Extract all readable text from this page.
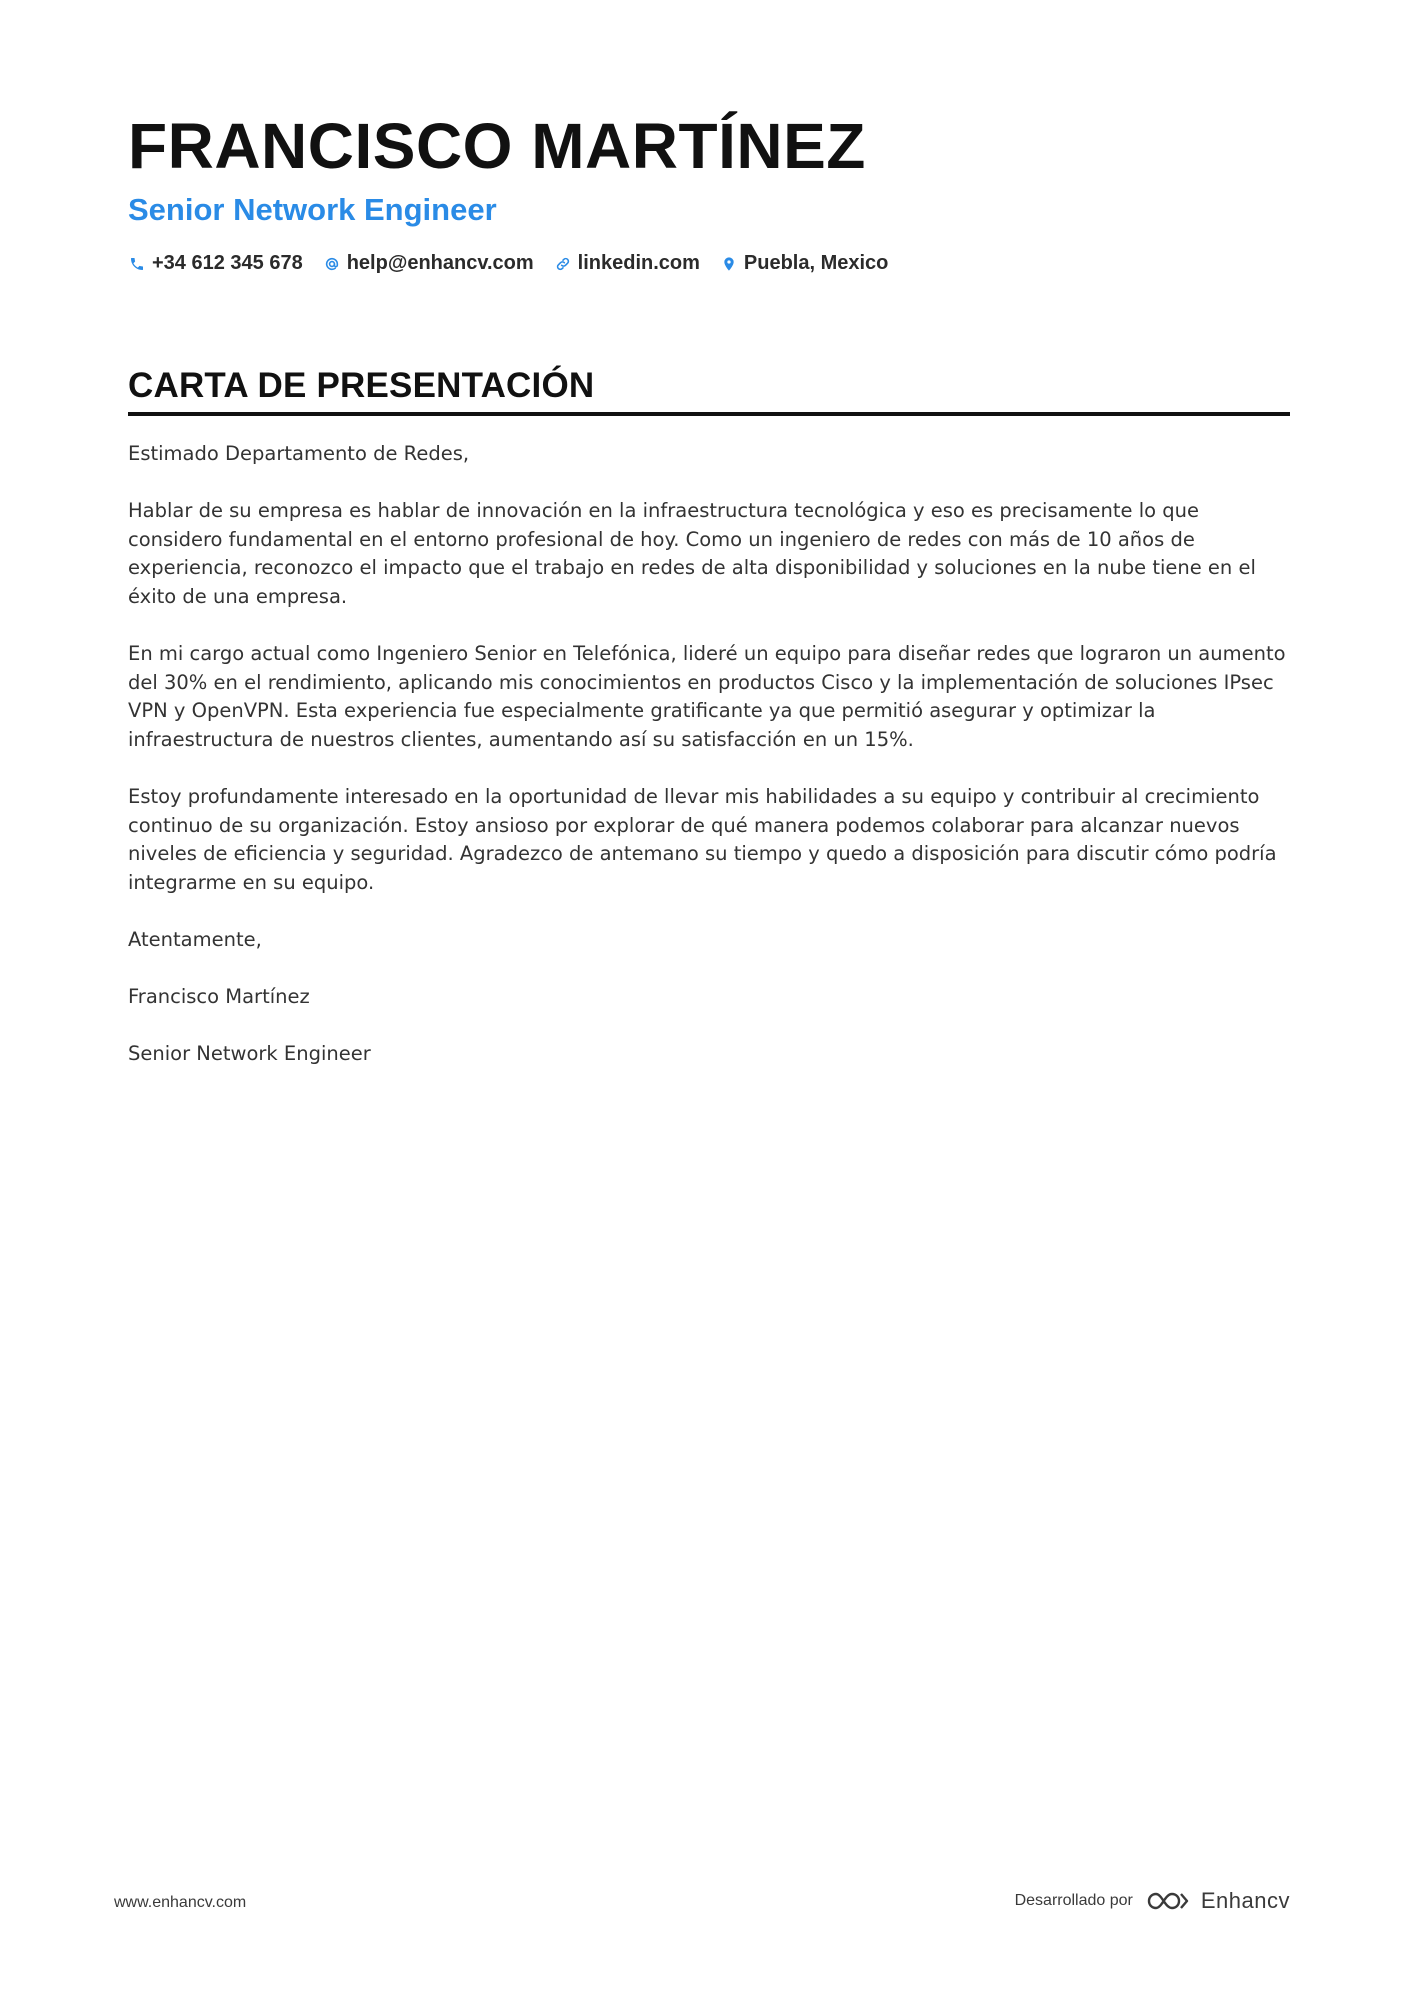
FRANCISCO MARTÍNEZ
Senior Network Engineer
+34 612 345 678 help@enhancv.com linkedin.com Puebla, Mexico
CARTA DE PRESENTACIÓN

Estimado Departamento de Redes,

Hablar de su empresa es hablar de innovación en la infraestructura tecnológica y eso es precisamente lo que considero fundamental en el entorno profesional de hoy. Como un ingeniero de redes con más de 10 años de experiencia, reconozco el impacto que el trabajo en redes de alta disponibilidad y soluciones en la nube tiene en el éxito de una empresa.

En mi cargo actual como Ingeniero Senior en Telefónica, lideré un equipo para diseñar redes que lograron un aumento del 30% en el rendimiento, aplicando mis conocimientos en productos Cisco y la implementación de soluciones IPsec VPN y OpenVPN. Esta experiencia fue especialmente gratificante ya que permitió asegurar y optimizar la infraestructura de nuestros clientes, aumentando así su satisfacción en un 15%.

Estoy profundamente interesado en la oportunidad de llevar mis habilidades a su equipo y contribuir al crecimiento continuo de su organización. Estoy ansioso por explorar de qué manera podemos colaborar para alcanzar nuevos niveles de eficiencia y seguridad. Agradezco de antemano su tiempo y quedo a disposición para discutir cómo podría integrarme en su equipo.

Atentamente,

Francisco Martínez

Senior Network Engineer

www.enhancv.com	Desarrollado por	Enhancv
